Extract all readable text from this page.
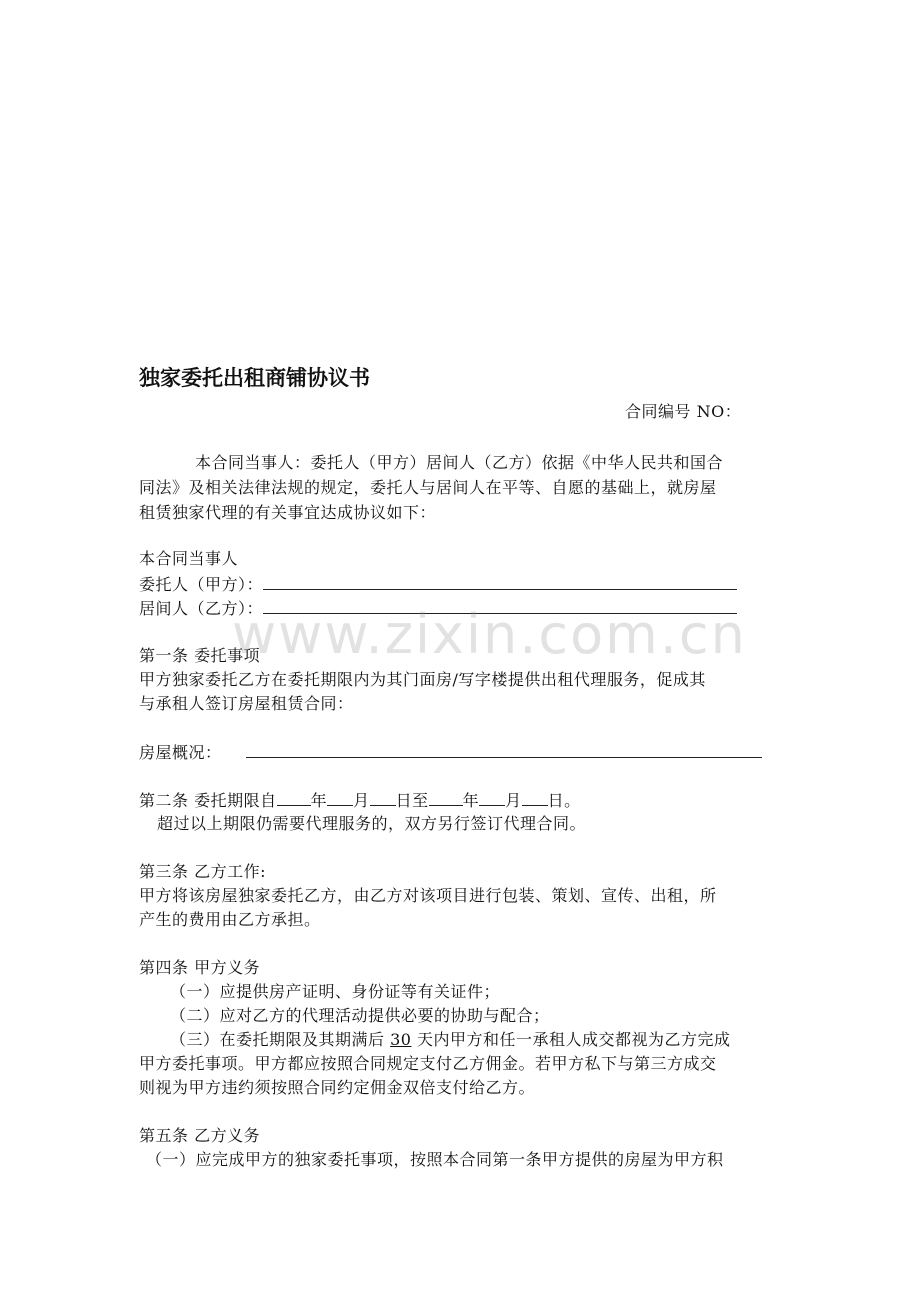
独家委托出租商铺协议书
合同编号 NO：
本合同当事人：委托人（甲方）居间人（乙方）依据《中华人民共和国合
同法》及相关法律法规的规定，委托人与居间人在平等、自愿的基础上，就房屋
租赁独家代理的有关事宜达成协议如下：
本合同当事人
委托人（甲方）：
居间人（乙方）：
www.zixin.com.cn
第一条 委托事项
甲方独家委托乙方在委托期限内为其门面房/写字楼提供出租代理服务，促成其
与承租人签订房屋租赁合同：
房屋概况：
第二条 委托期限自 年 月 日至 年 月 日。
超过以上期限仍需要代理服务的，双方另行签订代理合同。
第三条 乙方工作:
甲方将该房屋独家委托乙方，由乙方对该项目进行包装、策划、宣传、出租，所
产生的费用由乙方承担。
第四条 甲方义务
（一）应提供房产证明、身份证等有关证件；
（二）应对乙方的代理活动提供必要的协助与配合；
（三）在委托期限及其期满后 30 天内甲方和任一承租人成交都视为乙方完成
甲方委托事项。甲方都应按照合同规定支付乙方佣金。若甲方私下与第三方成交
则视为甲方违约须按照合同约定佣金双倍支付给乙方。
第五条 乙方义务
（一）应完成甲方的独家委托事项，按照本合同第一条甲方提供的房屋为甲方积
